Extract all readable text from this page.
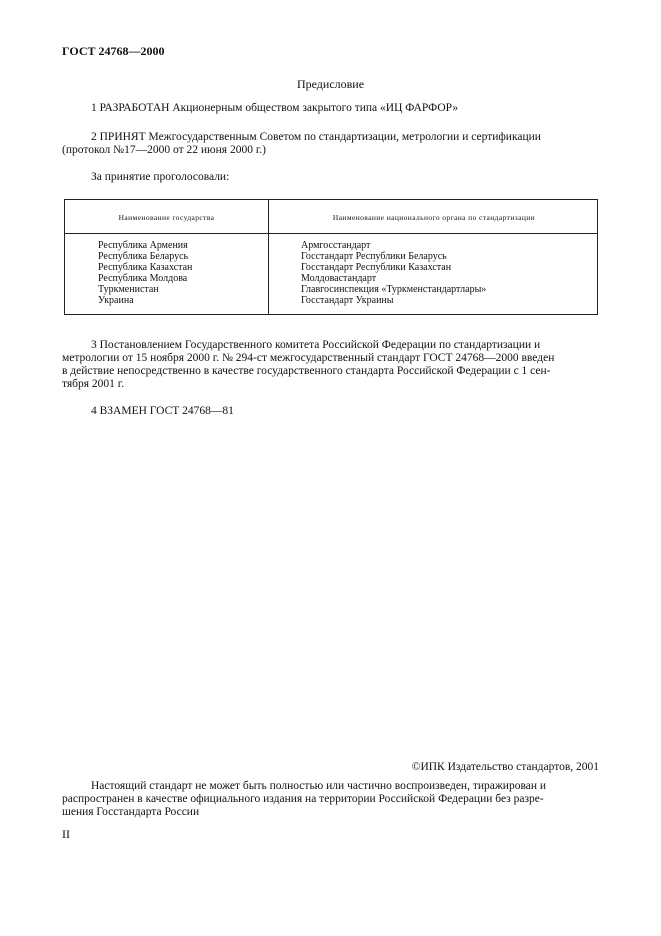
ГОСТ 24768—2000
Предисловие
1 РАЗРАБОТАН Акционерным обществом закрытого типа «ИЦ ФАРФОР»
2 ПРИНЯТ Межгосударственным Советом по стандартизации, метрологии и сертификации
(протокол №17—2000 от 22 июня 2000 г.)
За принятие проголосовали:
Наименование государства	Наименование национального органа по стандартизации
Республика Армения	Армгосстандарт
Республика Беларусь	Госстандарт Республики Беларусь
Республика Казахстан	Госстандарт Республики Казахстан
Республика Молдова	Молдовастандарт
Туркменистан	Главгосинспекция «Туркменстандартлары»
Украина	Госстандарт Украины
3 Постановлением Государственного комитета Российской Федерации по стандартизации и
метрологии от 15 ноября 2000 г. № 294-ст межгосударственный стандарт ГОСТ 24768—2000 введен
в действие непосредственно в качестве государственного стандарта Российской Федерации с 1 сен-
тября 2001 г.
4 ВЗАМЕН ГОСТ 24768—81
©ИПК Издательство стандартов, 2001
Настоящий стандарт не может быть полностью или частично воспроизведен, тиражирован и
распространен в качестве официального издания на территории Российской Федерации без разре-
шения Госстандарта России
II
